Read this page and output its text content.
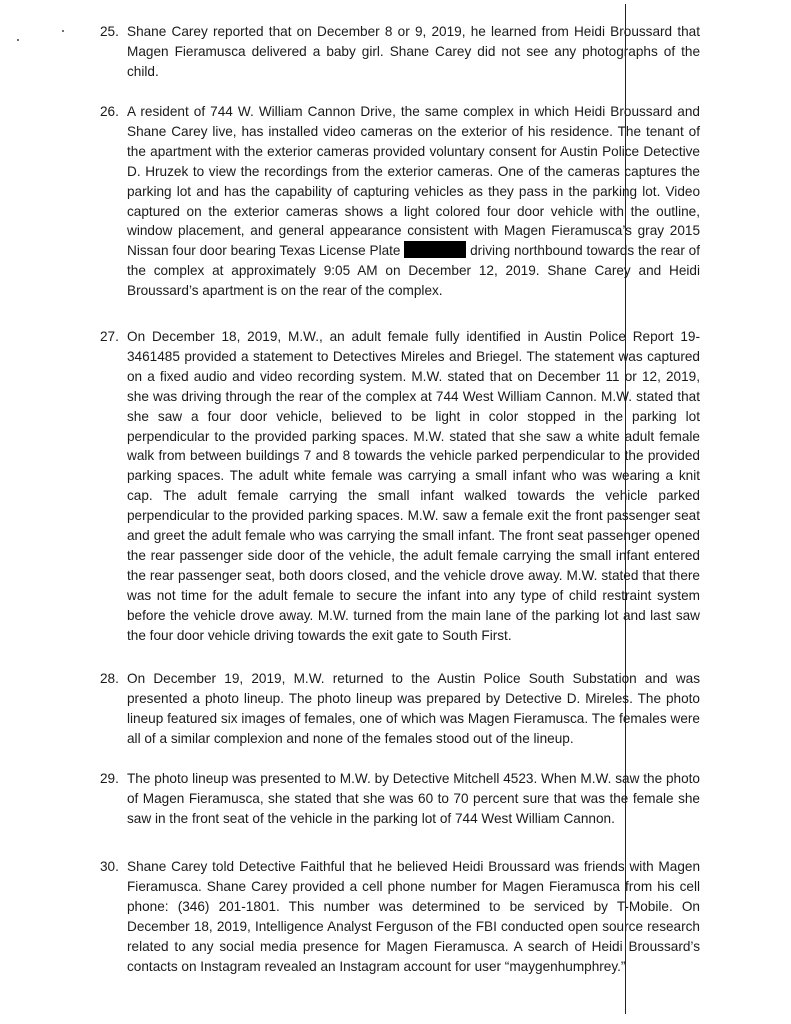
25. Shane Carey reported that on December 8 or 9, 2019, he learned from Heidi Broussard that Magen Fieramusca delivered a baby girl. Shane Carey did not see any photographs of the child.
26. A resident of 744 W. William Cannon Drive, the same complex in which Heidi Broussard and Shane Carey live, has installed video cameras on the exterior of his residence. The tenant of the apartment with the exterior cameras provided voluntary consent for Austin Police Detective D. Hruzek to view the recordings from the exterior cameras. One of the cameras captures the parking lot and has the capability of capturing vehicles as they pass in the parking lot. Video captured on the exterior cameras shows a light colored four door vehicle with the outline, window placement, and general appearance consistent with Magen Fieramusca’s gray 2015 Nissan four door bearing Texas License Plate	driving northbound towards the rear of the complex at approximately 9:05 AM on December 12, 2019. Shane Carey and Heidi Broussard’s apartment is on the rear of the complex.
27. On December 18, 2019, M.W., an adult female fully identified in Austin Police Report 19-3461485 provided a statement to Detectives Mireles and Briegel. The statement was captured on a fixed audio and video recording system. M.W. stated that on December 11 or 12, 2019, she was driving through the rear of the complex at 744 West William Cannon. M.W. stated that she saw a four door vehicle, believed to be light in color stopped in the parking lot perpendicular to the provided parking spaces. M.W. stated that she saw a white adult female walk from between buildings 7 and 8 towards the vehicle parked perpendicular to the provided parking spaces. The adult white female was carrying a small infant who was wearing a knit cap. The adult female carrying the small infant walked towards the vehicle parked perpendicular to the provided parking spaces. M.W. saw a female exit the front passenger seat and greet the adult female who was carrying the small infant. The front seat passenger opened the rear passenger side door of the vehicle, the adult female carrying the small infant entered the rear passenger seat, both doors closed, and the vehicle drove away. M.W. stated that there was not time for the adult female to secure the infant into any type of child restraint system before the vehicle drove away. M.W. turned from the main lane of the parking lot and last saw the four door vehicle driving towards the exit gate to South First.
28. On December 19, 2019, M.W. returned to the Austin Police South Substation and was presented a photo lineup. The photo lineup was prepared by Detective D. Mireles. The photo lineup featured six images of females, one of which was Magen Fieramusca. The females were all of a similar complexion and none of the females stood out of the lineup.
29. The photo lineup was presented to M.W. by Detective Mitchell 4523. When M.W. saw the photo of Magen Fieramusca, she stated that she was 60 to 70 percent sure that was the female she saw in the front seat of the vehicle in the parking lot of 744 West William Cannon.
30. Shane Carey told Detective Faithful that he believed Heidi Broussard was friends with Magen Fieramusca. Shane Carey provided a cell phone number for Magen Fieramusca from his cell phone: (346) 201-1801. This number was determined to be serviced by T-Mobile. On December 18, 2019, Intelligence Analyst Ferguson of the FBI conducted open source research related to any social media presence for Magen Fieramusca. A search of Heidi Broussard’s contacts on Instagram revealed an Instagram account for user “maygenhumphrey.”
